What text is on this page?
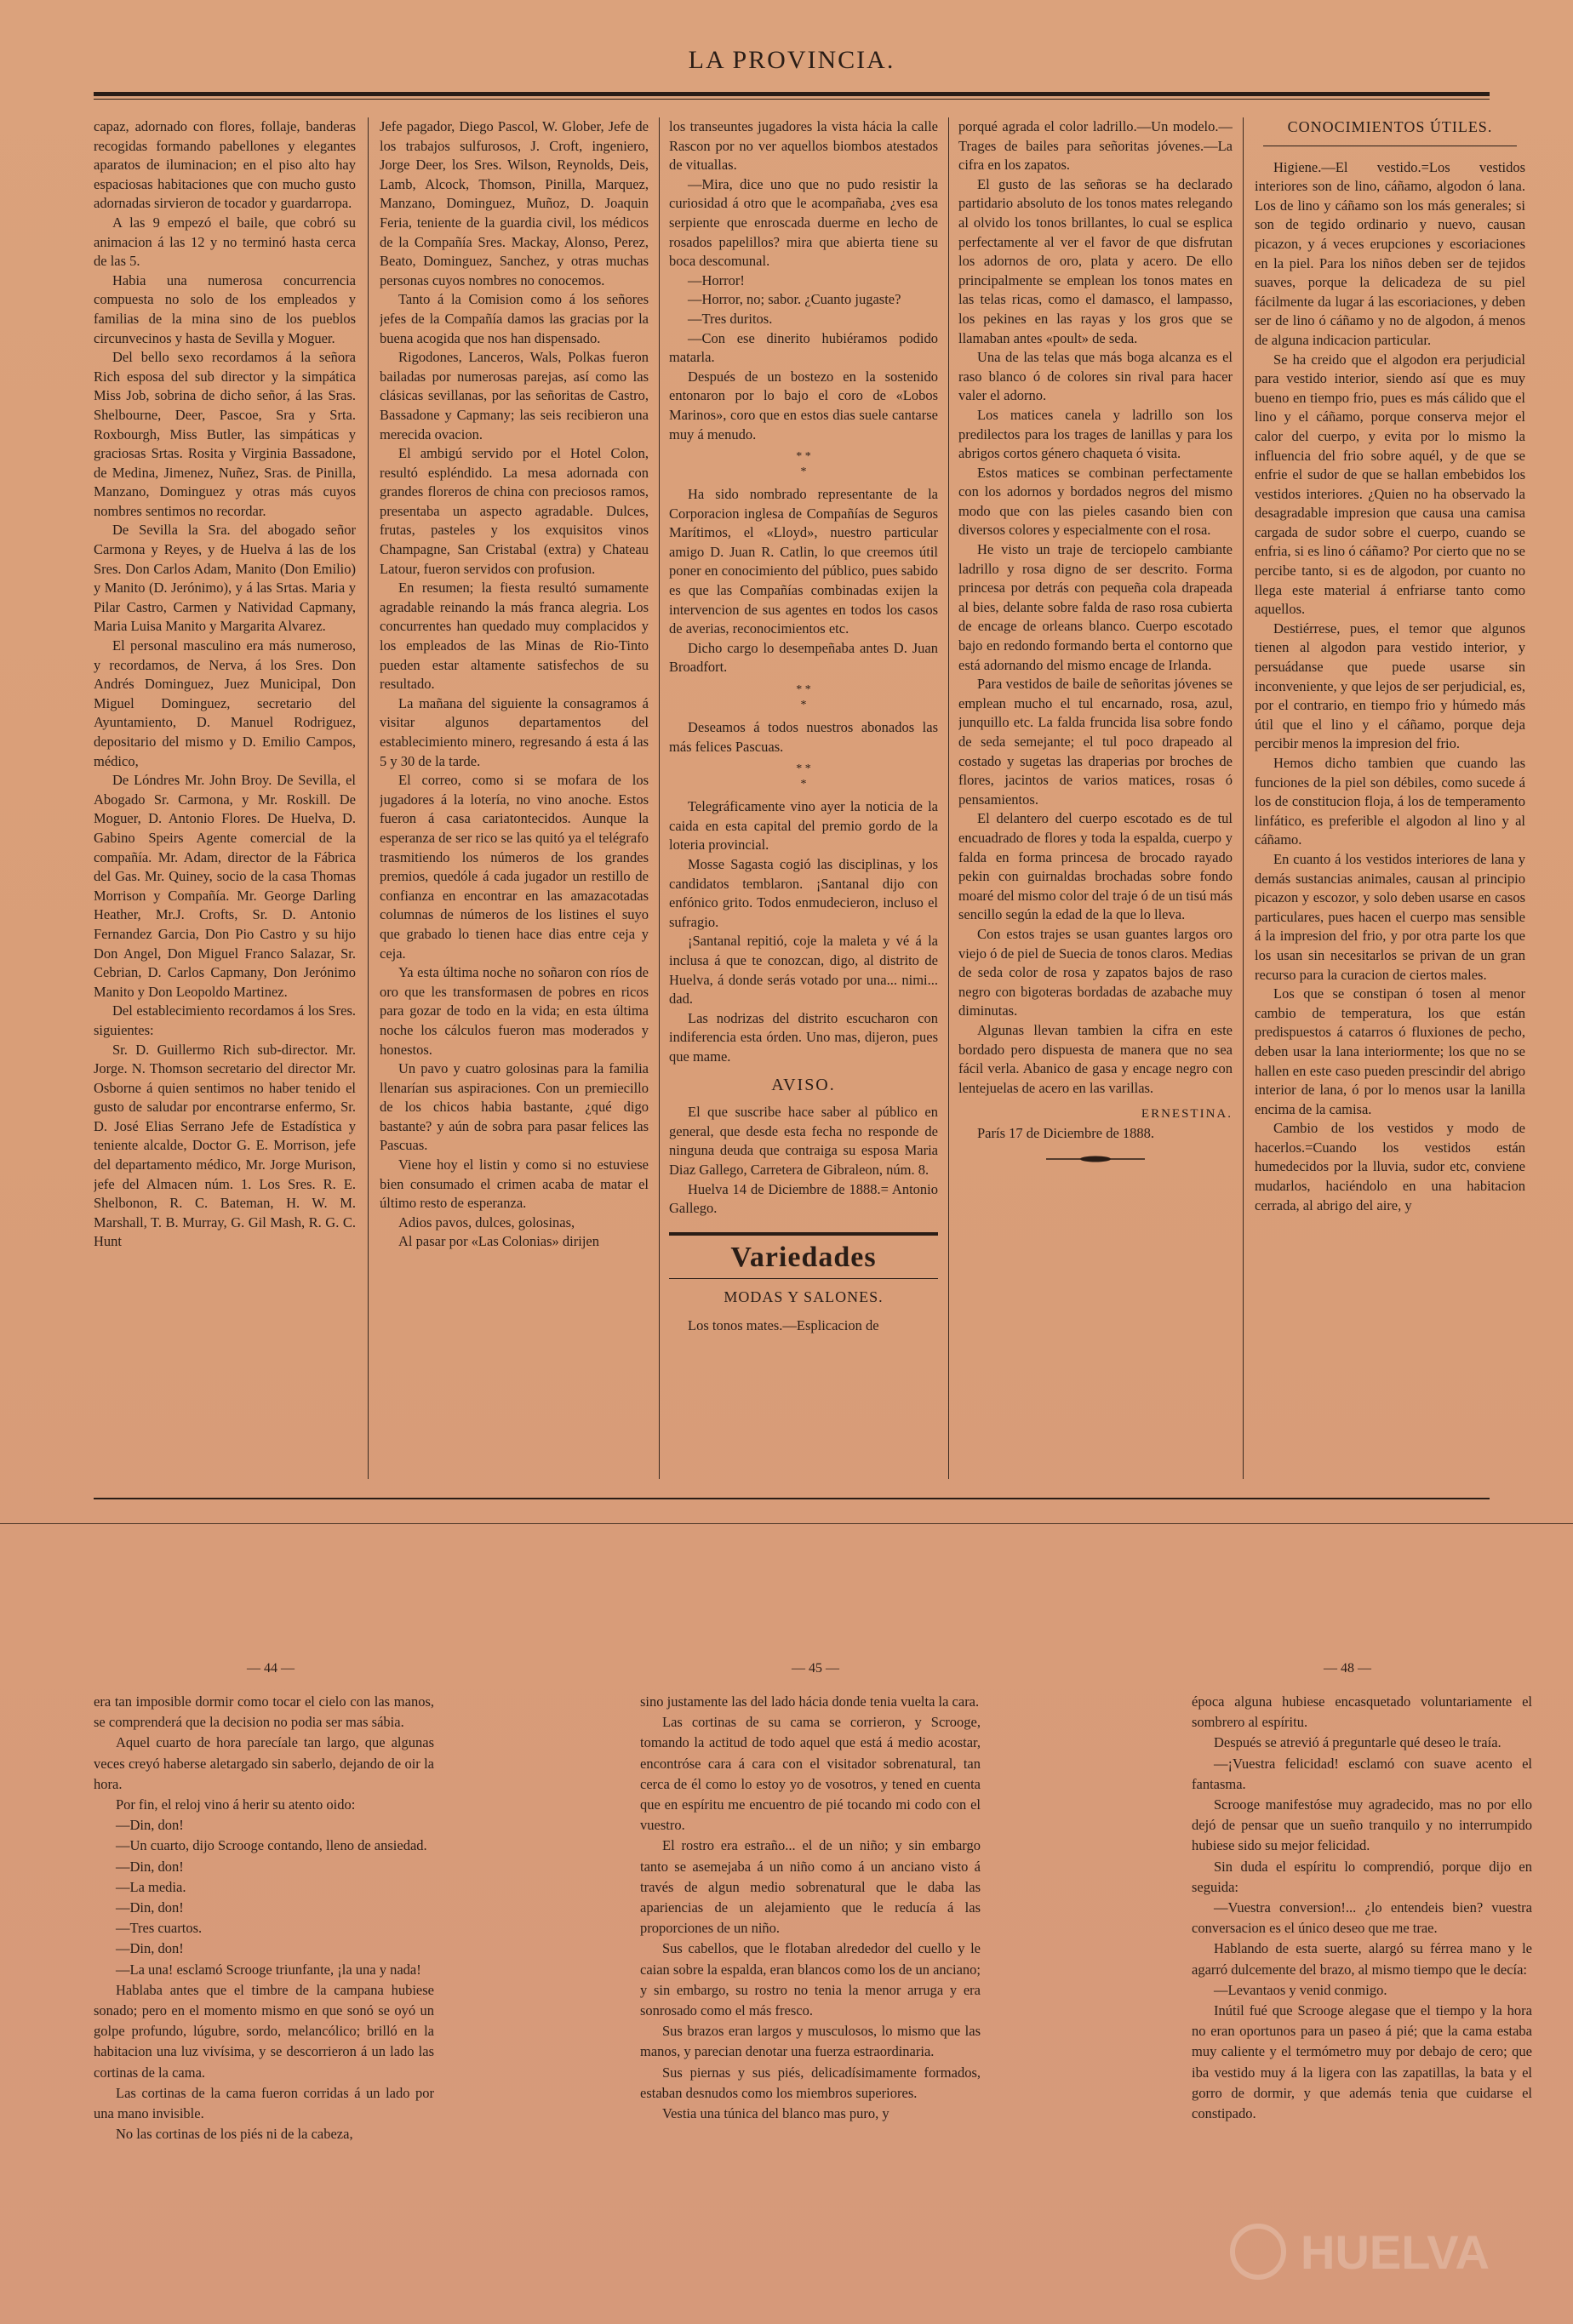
LA PROVINCIA.

capaz, adornado con flores, follaje, banderas recogidas formando pabellones y elegantes aparatos de iluminacion; en el piso alto hay espaciosas habitaciones que con mucho gusto adornadas sirvieron de tocador y guardarropa.

A las 9 empezó el baile, que cobró su animacion á las 12 y no terminó hasta cerca de las 5.

Habia una numerosa concurrencia compuesta no solo de los empleados y familias de la mina sino de los pueblos circunvecinos y hasta de Sevilla y Moguer.

Del bello sexo recordamos á la señora Rich esposa del sub director y la simpática Miss Job, sobrina de dicho señor, á las Sras. Shelbourne, Deer, Pascoe, Sra y Srta. Roxbourgh, Miss Butler, las simpáticas y graciosas Srtas. Rosita y Virginia Bassadone, de Medina, Jimenez, Nuñez, Sras. de Pinilla, Manzano, Dominguez y otras más cuyos nombres sentimos no recordar.

De Sevilla la Sra. del abogado señor Carmona y Reyes, y de Huelva á las de los Sres. Don Carlos Adam, Manito (Don Emilio) y Manito (D. Jerónimo), y á las Srtas. Maria y Pilar Castro, Carmen y Natividad Capmany, Maria Luisa Manito y Margarita Alvarez.

El personal masculino era más numeroso, y recordamos, de Nerva, á los Sres. Don Andrés Dominguez, Juez Municipal, Don Miguel Dominguez, secretario del Ayuntamiento, D. Manuel Rodriguez, depositario del mismo y D. Emilio Campos, médico,

De Lóndres Mr. John Broy. De Sevilla, el Abogado Sr. Carmona, y Mr. Roskill. De Moguer, D. Antonio Flores. De Huelva, D. Gabino Speirs Agente comercial de la compañía. Mr. Adam, director de la Fábrica del Gas. Mr. Quiney, socio de la casa Thomas Morrison y Compañía. Mr. George Darling Heather, Mr.J. Crofts, Sr. D. Antonio Fernandez Garcia, Don Pio Castro y su hijo Don Angel, Don Miguel Franco Salazar, Sr. Cebrian, D. Carlos Capmany, Don Jerónimo Manito y Don Leopoldo Martinez.

Del establecimiento recordamos á los Sres. siguientes:

Sr. D. Guillermo Rich sub-director. Mr. Jorge. N. Thomson secretario del director Mr. Osborne á quien sentimos no haber tenido el gusto de saludar por encontrarse enfermo, Sr. D. José Elias Serrano Jefe de Estadística y teniente alcalde, Doctor G. E. Morrison, jefe del departamento médico, Mr. Jorge Murison, jefe del Almacen núm. 1. Los Sres. R. E. Shelbonon, R. C. Bateman, H. W. M. Marshall, T. B. Murray, G. Gil Mash, R. G. C. Hunt

Jefe pagador, Diego Pascol, W. Glober, Jefe de los trabajos sulfurosos, J. Croft, ingeniero, Jorge Deer, los Sres. Wilson, Reynolds, Deis, Lamb, Alcock, Thomson, Pinilla, Marquez, Manzano, Dominguez, Muñoz, D. Joaquin Feria, teniente de la guardia civil, los médicos de la Compañía Sres. Mackay, Alonso, Perez, Beato, Dominguez, Sanchez, y otras muchas personas cuyos nombres no conocemos.

Tanto á la Comision como á los señores jefes de la Compañía damos las gracias por la buena acogida que nos han dispensado.

Rigodones, Lanceros, Wals, Polkas fueron bailadas por numerosas parejas, así como las clásicas sevillanas, por las señoritas de Castro, Bassadone y Capmany; las seis recibieron una merecida ovacion.

El ambigú servido por el Hotel Colon, resultó espléndido. La mesa adornada con grandes floreros de china con preciosos ramos, presentaba un aspecto agradable. Dulces, frutas, pasteles y los exquisitos vinos Champagne, San Cristabal (extra) y Chateau Latour, fueron servidos con profusion.

En resumen; la fiesta resultó sumamente agradable reinando la más franca alegria. Los concurrentes han quedado muy complacidos y los empleados de las Minas de Rio-Tinto pueden estar altamente satisfechos de su resultado.

La mañana del siguiente la consagramos á visitar algunos departamentos del establecimiento minero, regresando á esta á las 5 y 30 de la tarde.

El correo, como si se mofara de los jugadores á la lotería, no vino anoche. Estos fueron á casa cariatontecidos. Aunque la esperanza de ser rico se las quitó ya el telégrafo trasmitiendo los números de los grandes premios, quedóle á cada jugador un restillo de confianza en encontrar en las amazacotadas columnas de números de los listines el suyo que grabado lo tienen hace dias entre ceja y ceja.

Ya esta última noche no soñaron con ríos de oro que les transformasen de pobres en ricos para gozar de todo en la vida; en esta última noche los cálculos fueron mas moderados y honestos.

Un pavo y cuatro golosinas para la familia llenarían sus aspiraciones. Con un premiecillo de los chicos habia bastante, ¿qué digo bastante? y aún de sobra para pasar felices las Pascuas.

Viene hoy el listin y como si no estuviese bien consumado el crimen acaba de matar el último resto de esperanza.

Adios pavos, dulces, golosinas,

Al pasar por «Las Colonias» dirijen

los transeuntes jugadores la vista hácia la calle Rascon por no ver aquellos biombos atestados de vituallas.

—Mira, dice uno que no pudo resistir la curiosidad á otro que le acompañaba, ¿ves esa serpiente que enroscada duerme en lecho de rosados papelillos? mira que abierta tiene su boca descomunal.

—Horror!

—Horror, no; sabor. ¿Cuanto jugaste?

—Tres duritos.

—Con ese dinerito hubiéramos podido matarla.

Después de un bostezo en la sostenido entonaron por lo bajo el coro de «Lobos Marinos», coro que en estos dias suele cantarse muy á menudo.

* *
*

Ha sido nombrado representante de la Corporacion inglesa de Compañías de Seguros Marítimos, el «Lloyd», nuestro particular amigo D. Juan R. Catlin, lo que creemos útil poner en conocimiento del público, pues sabido es que las Compañías combinadas exijen la intervencion de sus agentes en todos los casos de averias, reconocimientos etc.

Dicho cargo lo desempeñaba antes D. Juan Broadfort.

* *
*

Deseamos á todos nuestros abonados las más felices Pascuas.

* *
*

Telegráficamente vino ayer la noticia de la caida en esta capital del premio gordo de la loteria provincial.

Mosse Sagasta cogió las disciplinas, y los candidatos temblaron. ¡Santanal dijo con enfónico grito. Todos enmudecieron, incluso el sufragio.

¡Santanal repitió, coje la maleta y vé á la inclusa á que te conozcan, digo, al distrito de Huelva, á donde serás votado por una... nimi... dad.

Las nodrizas del distrito escucharon con indiferencia esta órden. Uno mas, dijeron, pues que mame.

AVISO.

El que suscribe hace saber al público en general, que desde esta fecha no responde de ninguna deuda que contraiga su esposa Maria Diaz Gallego, Carretera de Gibraleon, núm. 8.

Huelva 14 de Diciembre de 1888.= Antonio Gallego.

Variedades
MODAS Y SALONES.

Los tonos mates.—Esplicacion de

porqué agrada el color ladrillo.—Un modelo.—Trages de bailes para señoritas jóvenes.—La cifra en los zapatos.

El gusto de las señoras se ha declarado partidario absoluto de los tonos mates relegando al olvido los tonos brillantes, lo cual se esplica perfectamente al ver el favor de que disfrutan los adornos de oro, plata y acero. De ello principalmente se emplean los tonos mates en las telas ricas, como el damasco, el lampasso, los pekines en las rayas y los gros que se llamaban antes «poult» de seda.

Una de las telas que más boga alcanza es el raso blanco ó de colores sin rival para hacer valer el adorno.

Los matices canela y ladrillo son los predilectos para los trages de lanillas y para los abrigos cortos género chaqueta ó visita.

Estos matices se combinan perfectamente con los adornos y bordados negros del mismo modo que con las pieles casando bien con diversos colores y especialmente con el rosa.

He visto un traje de terciopelo cambiante ladrillo y rosa digno de ser descrito. Forma princesa por detrás con pequeña cola drapeada al bies, delante sobre falda de raso rosa cubierta de encage de orleans blanco. Cuerpo escotado bajo en redondo formando berta el contorno que está adornando del mismo encage de Irlanda.

Para vestidos de baile de señoritas jóvenes se emplean mucho el tul encarnado, rosa, azul, junquillo etc. La falda fruncida lisa sobre fondo de seda semejante; el tul poco drapeado al costado y sugetas las draperias por broches de flores, jacintos de varios matices, rosas ó pensamientos.

El delantero del cuerpo escotado es de tul encuadrado de flores y toda la espalda, cuerpo y falda en forma princesa de brocado rayado pekin con guirnaldas brochadas sobre fondo moaré del mismo color del traje ó de un tisú más sencillo según la edad de la que lo lleva.

Con estos trajes se usan guantes largos oro viejo ó de piel de Suecia de tonos claros. Medias de seda color de rosa y zapatos bajos de raso negro con bigoteras bordadas de azabache muy diminutas.

Algunas llevan tambien la cifra en este bordado pero dispuesta de manera que no sea fácil verla. Abanico de gasa y encage negro con lentejuelas de acero en las varillas.

ERNESTINA.

París 17 de Diciembre de 1888.

CONOCIMIENTOS ÚTILES.

Higiene.—El vestido.=Los vestidos interiores son de lino, cáñamo, algodon ó lana. Los de lino y cáñamo son los más generales; si son de tegido ordinario y nuevo, causan picazon, y á veces erupciones y escoriaciones en la piel. Para los niños deben ser de tejidos suaves, porque la delicadeza de su piel fácilmente da lugar á las escoriaciones, y deben ser de lino ó cáñamo y no de algodon, á menos de alguna indicacion particular.

Se ha creido que el algodon era perjudicial para vestido interior, siendo así que es muy bueno en tiempo frio, pues es más cálido que el lino y el cáñamo, porque conserva mejor el calor del cuerpo, y evita por lo mismo la influencia del frio sobre aquél, y de que se enfrie el sudor de que se hallan embebidos los vestidos interiores. ¿Quien no ha observado la desagradable impresion que causa una camisa cargada de sudor sobre el cuerpo, cuando se enfria, si es lino ó cáñamo? Por cierto que no se percibe tanto, si es de algodon, por cuanto no llega este material á enfriarse tanto como aquellos.

Destiérrese, pues, el temor que algunos tienen al algodon para vestido interior, y persuádanse que puede usarse sin inconveniente, y que lejos de ser perjudicial, es, por el contrario, en tiempo frio y húmedo más útil que el lino y el cáñamo, porque deja percibir menos la impresion del frio.

Hemos dicho tambien que cuando las funciones de la piel son débiles, como sucede á los de constitucion floja, á los de temperamento linfático, es preferible el algodon al lino y al cáñamo.

En cuanto á los vestidos interiores de lana y demás sustancias animales, causan al principio picazon y escozor, y solo deben usarse en casos particulares, pues hacen el cuerpo mas sensible á la impresion del frio, y por otra parte los que los usan sin necesitarlos se privan de un gran recurso para la curacion de ciertos males.

Los que se constipan ó tosen al menor cambio de temperatura, los que están predispuestos á catarros ó fluxiones de pecho, deben usar la lana interiormente; los que no se hallen en este caso pueden prescindir del abrigo interior de lana, ó por lo menos usar la lanilla encima de la camisa.

Cambio de los vestidos y modo de hacerlos.=Cuando los vestidos están humedecidos por la lluvia, sudor etc, conviene mudarlos, haciéndolo en una habitacion cerrada, al abrigo del aire, y

— 44 —	— 45 —	— 48 —

era tan imposible dormir como tocar el cielo con las manos, se comprenderá que la decision no podia ser mas sábia.

Aquel cuarto de hora parecíale tan largo, que algunas veces creyó haberse aletargado sin saberlo, dejando de oir la hora.

Por fin, el reloj vino á herir su atento oido:

—Din, don!

—Un cuarto, dijo Scrooge contando, lleno de ansiedad.

—Din, don!

—La media.

—Din, don!

—Tres cuartos.

—Din, don!

—La una! esclamó Scrooge triunfante, ¡la una y nada!

Hablaba antes que el timbre de la campana hubiese sonado; pero en el momento mismo en que sonó se oyó un golpe profundo, lúgubre, sordo, melancólico; brilló en la habitacion una luz vivísima, y se descorrieron á un lado las cortinas de la cama.

Las cortinas de la cama fueron corridas á un lado por una mano invisible.

No las cortinas de los piés ni de la cabeza,

sino justamente las del lado hácia donde tenia vuelta la cara.

Las cortinas de su cama se corrieron, y Scrooge, tomando la actitud de todo aquel que está á medio acostar, encontróse cara á cara con el visitador sobrenatural, tan cerca de él como lo estoy yo de vosotros, y tened en cuenta que en espíritu me encuentro de pié tocando mi codo con el vuestro.

El rostro era estraño... el de un niño; y sin embargo tanto se asemejaba á un niño como á un anciano visto á través de algun medio sobrenatural que le daba las apariencias de un alejamiento que le reducía á las proporciones de un niño.

Sus cabellos, que le flotaban alrededor del cuello y le caian sobre la espalda, eran blancos como los de un anciano; y sin embargo, su rostro no tenia la menor arruga y era sonrosado como el más fresco.

Sus brazos eran largos y musculosos, lo mismo que las manos, y parecian denotar una fuerza estraordinaria.

Sus piernas y sus piés, delicadísimamente formados, estaban desnudos como los miembros superiores.

Vestia una túnica del blanco mas puro, y

época alguna hubiese encasquetado voluntariamente el sombrero al espíritu.

Después se atrevió á preguntarle qué deseo le traía.

—¡Vuestra felicidad! esclamó con suave acento el fantasma.

Scrooge manifestóse muy agradecido, mas no por ello dejó de pensar que un sueño tranquilo y no interrumpido hubiese sido su mejor felicidad.

Sin duda el espíritu lo comprendió, porque dijo en seguida:

—Vuestra conversion!... ¿lo entendeis bien? vuestra conversacion es el único deseo que me trae.

Hablando de esta suerte, alargó su férrea mano y le agarró dulcemente del brazo, al mismo tiempo que le decía:

—Levantaos y venid conmigo.

Inútil fué que Scrooge alegase que el tiempo y la hora no eran oportunos para un paseo á pié; que la cama estaba muy caliente y el termómetro muy por debajo de cero; que iba vestido muy á la ligera con las zapatillas, la bata y el gorro de dormir, y que además tenia que cuidarse el constipado.

HUELVA
